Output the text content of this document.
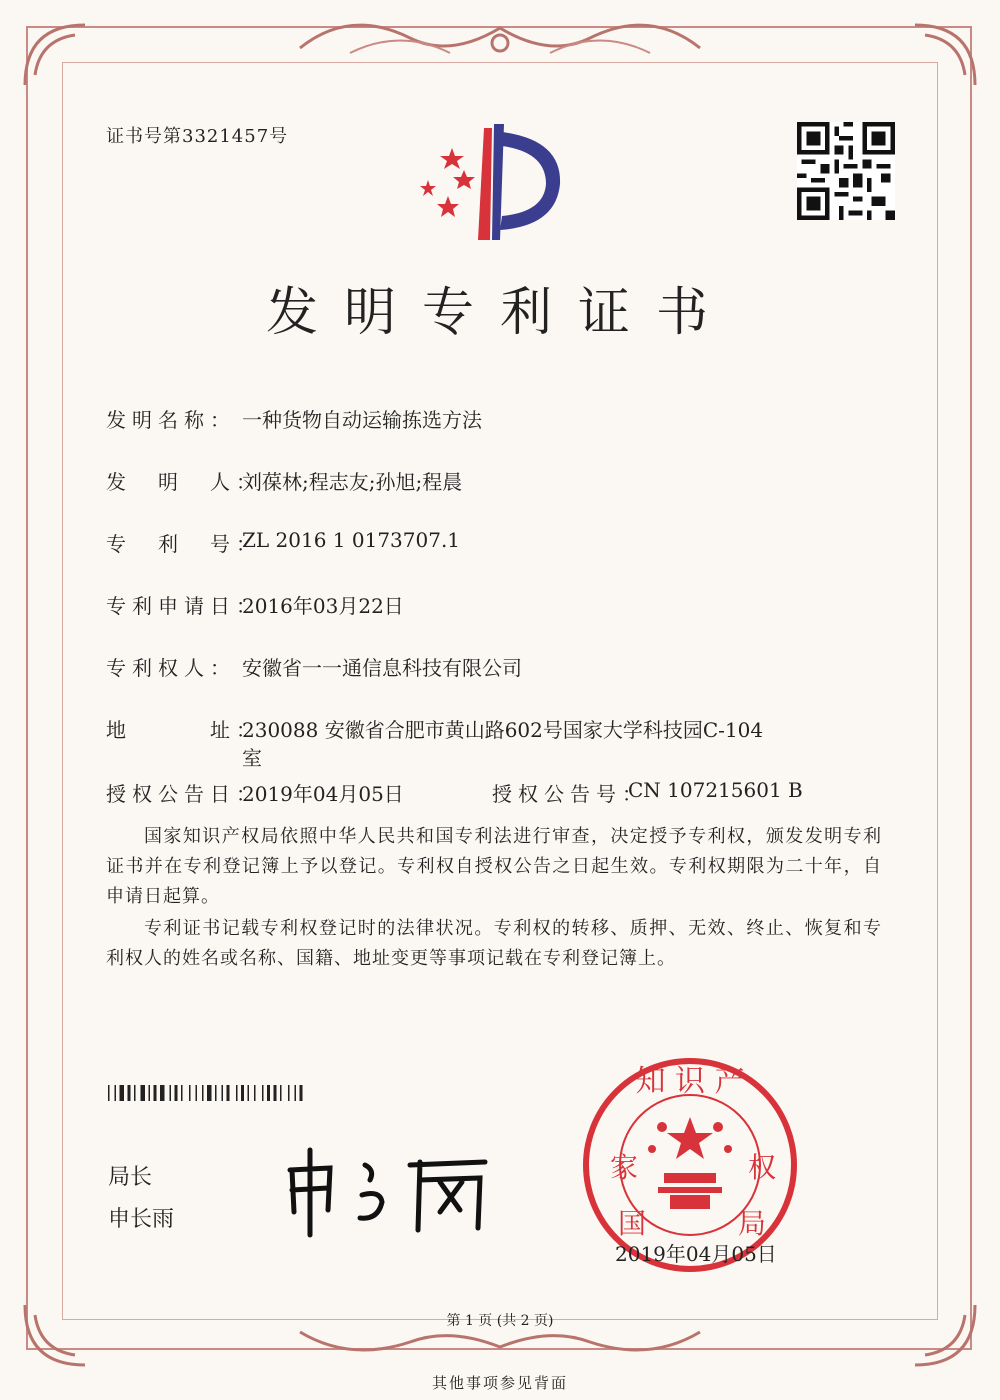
证书号第3321457号
发明专利证书
发明名称： 一种货物自动运输拣选方法
发　明　人：
刘葆林;程志友;孙旭;程晨
专　利　号：
ZL 2016 1 0173707.1
专利申请日：
2016年03月22日
专利权人： 安徽省一一通信息科技有限公司
地　　　址：
230088 安徽省合肥市黄山路602号国家大学科技园C-104
室
授权公告日：
2019年04月05日	授权公告号：
CN 107215601 B
国家知识产权局依照中华人民共和国专利法进行审查，决定授予专利权，颁发发明专利证书并在专利登记簿上予以登记。专利权自授权公告之日起生效。专利权期限为二十年，自申请日起算。
专利证书记载专利权登记时的法律状况。专利权的转移、质押、无效、终止、恢复和专利权人的姓名或名称、国籍、地址变更等事项记载在专利登记簿上。
局长
申长雨
知 识 产
家	权
国	局
2019年04月05日
第 1 页 (共 2 页)
其他事项参见背面
